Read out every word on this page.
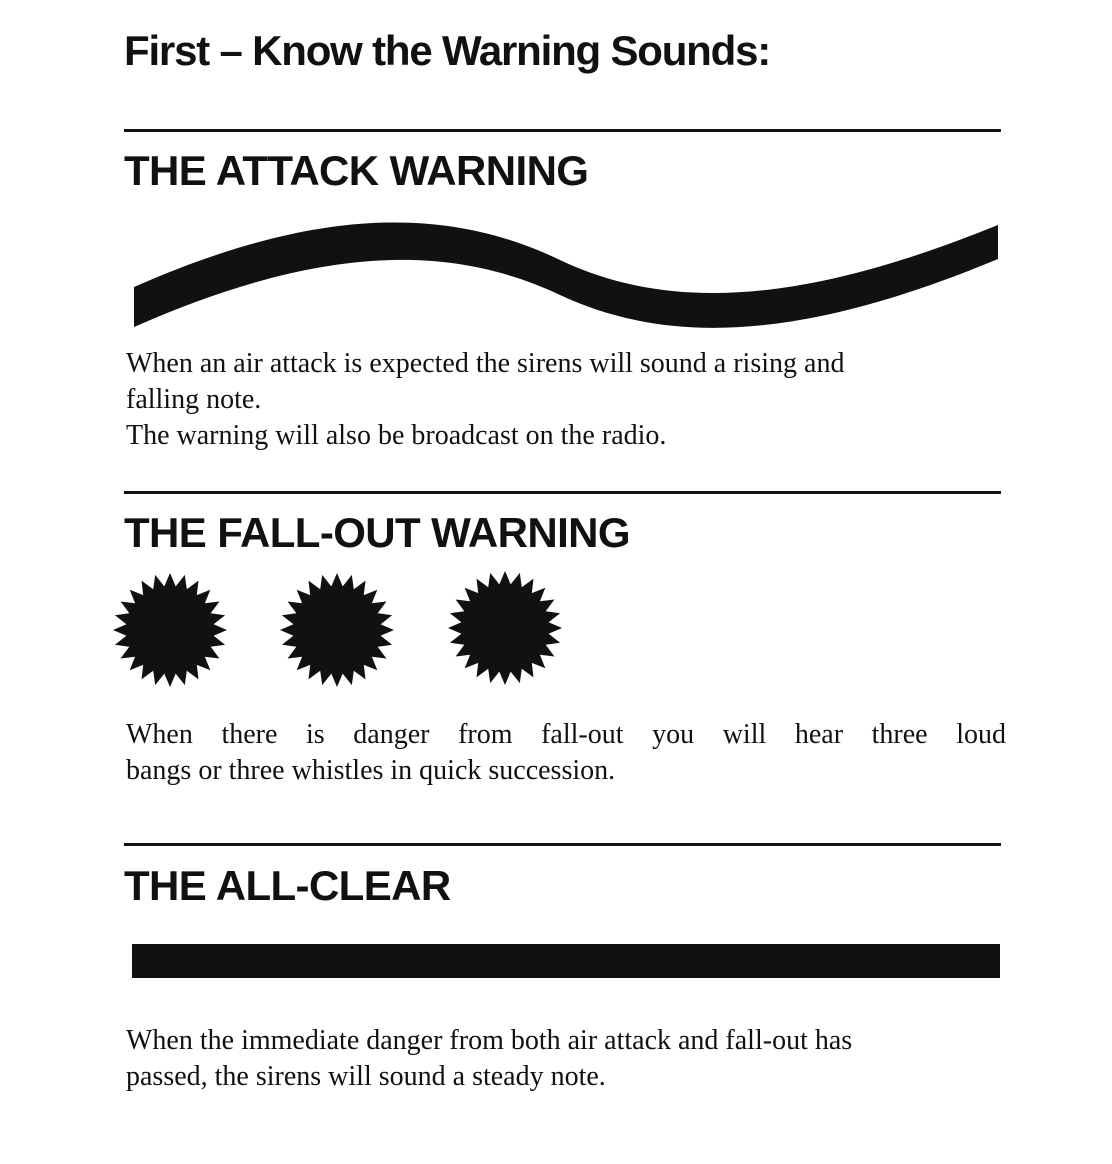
First – Know the Warning Sounds:
THE ATTACK WARNING

When an air attack is expected the sirens will sound a rising and
falling note.
The warning will also be broadcast on the radio.

THE FALL-OUT WARNING

When there is danger from fall-out you will hear three loud
bangs or three whistles in quick succession.

THE ALL-CLEAR

When the immediate danger from both air attack and fall-out has
passed, the sirens will sound a steady note.
